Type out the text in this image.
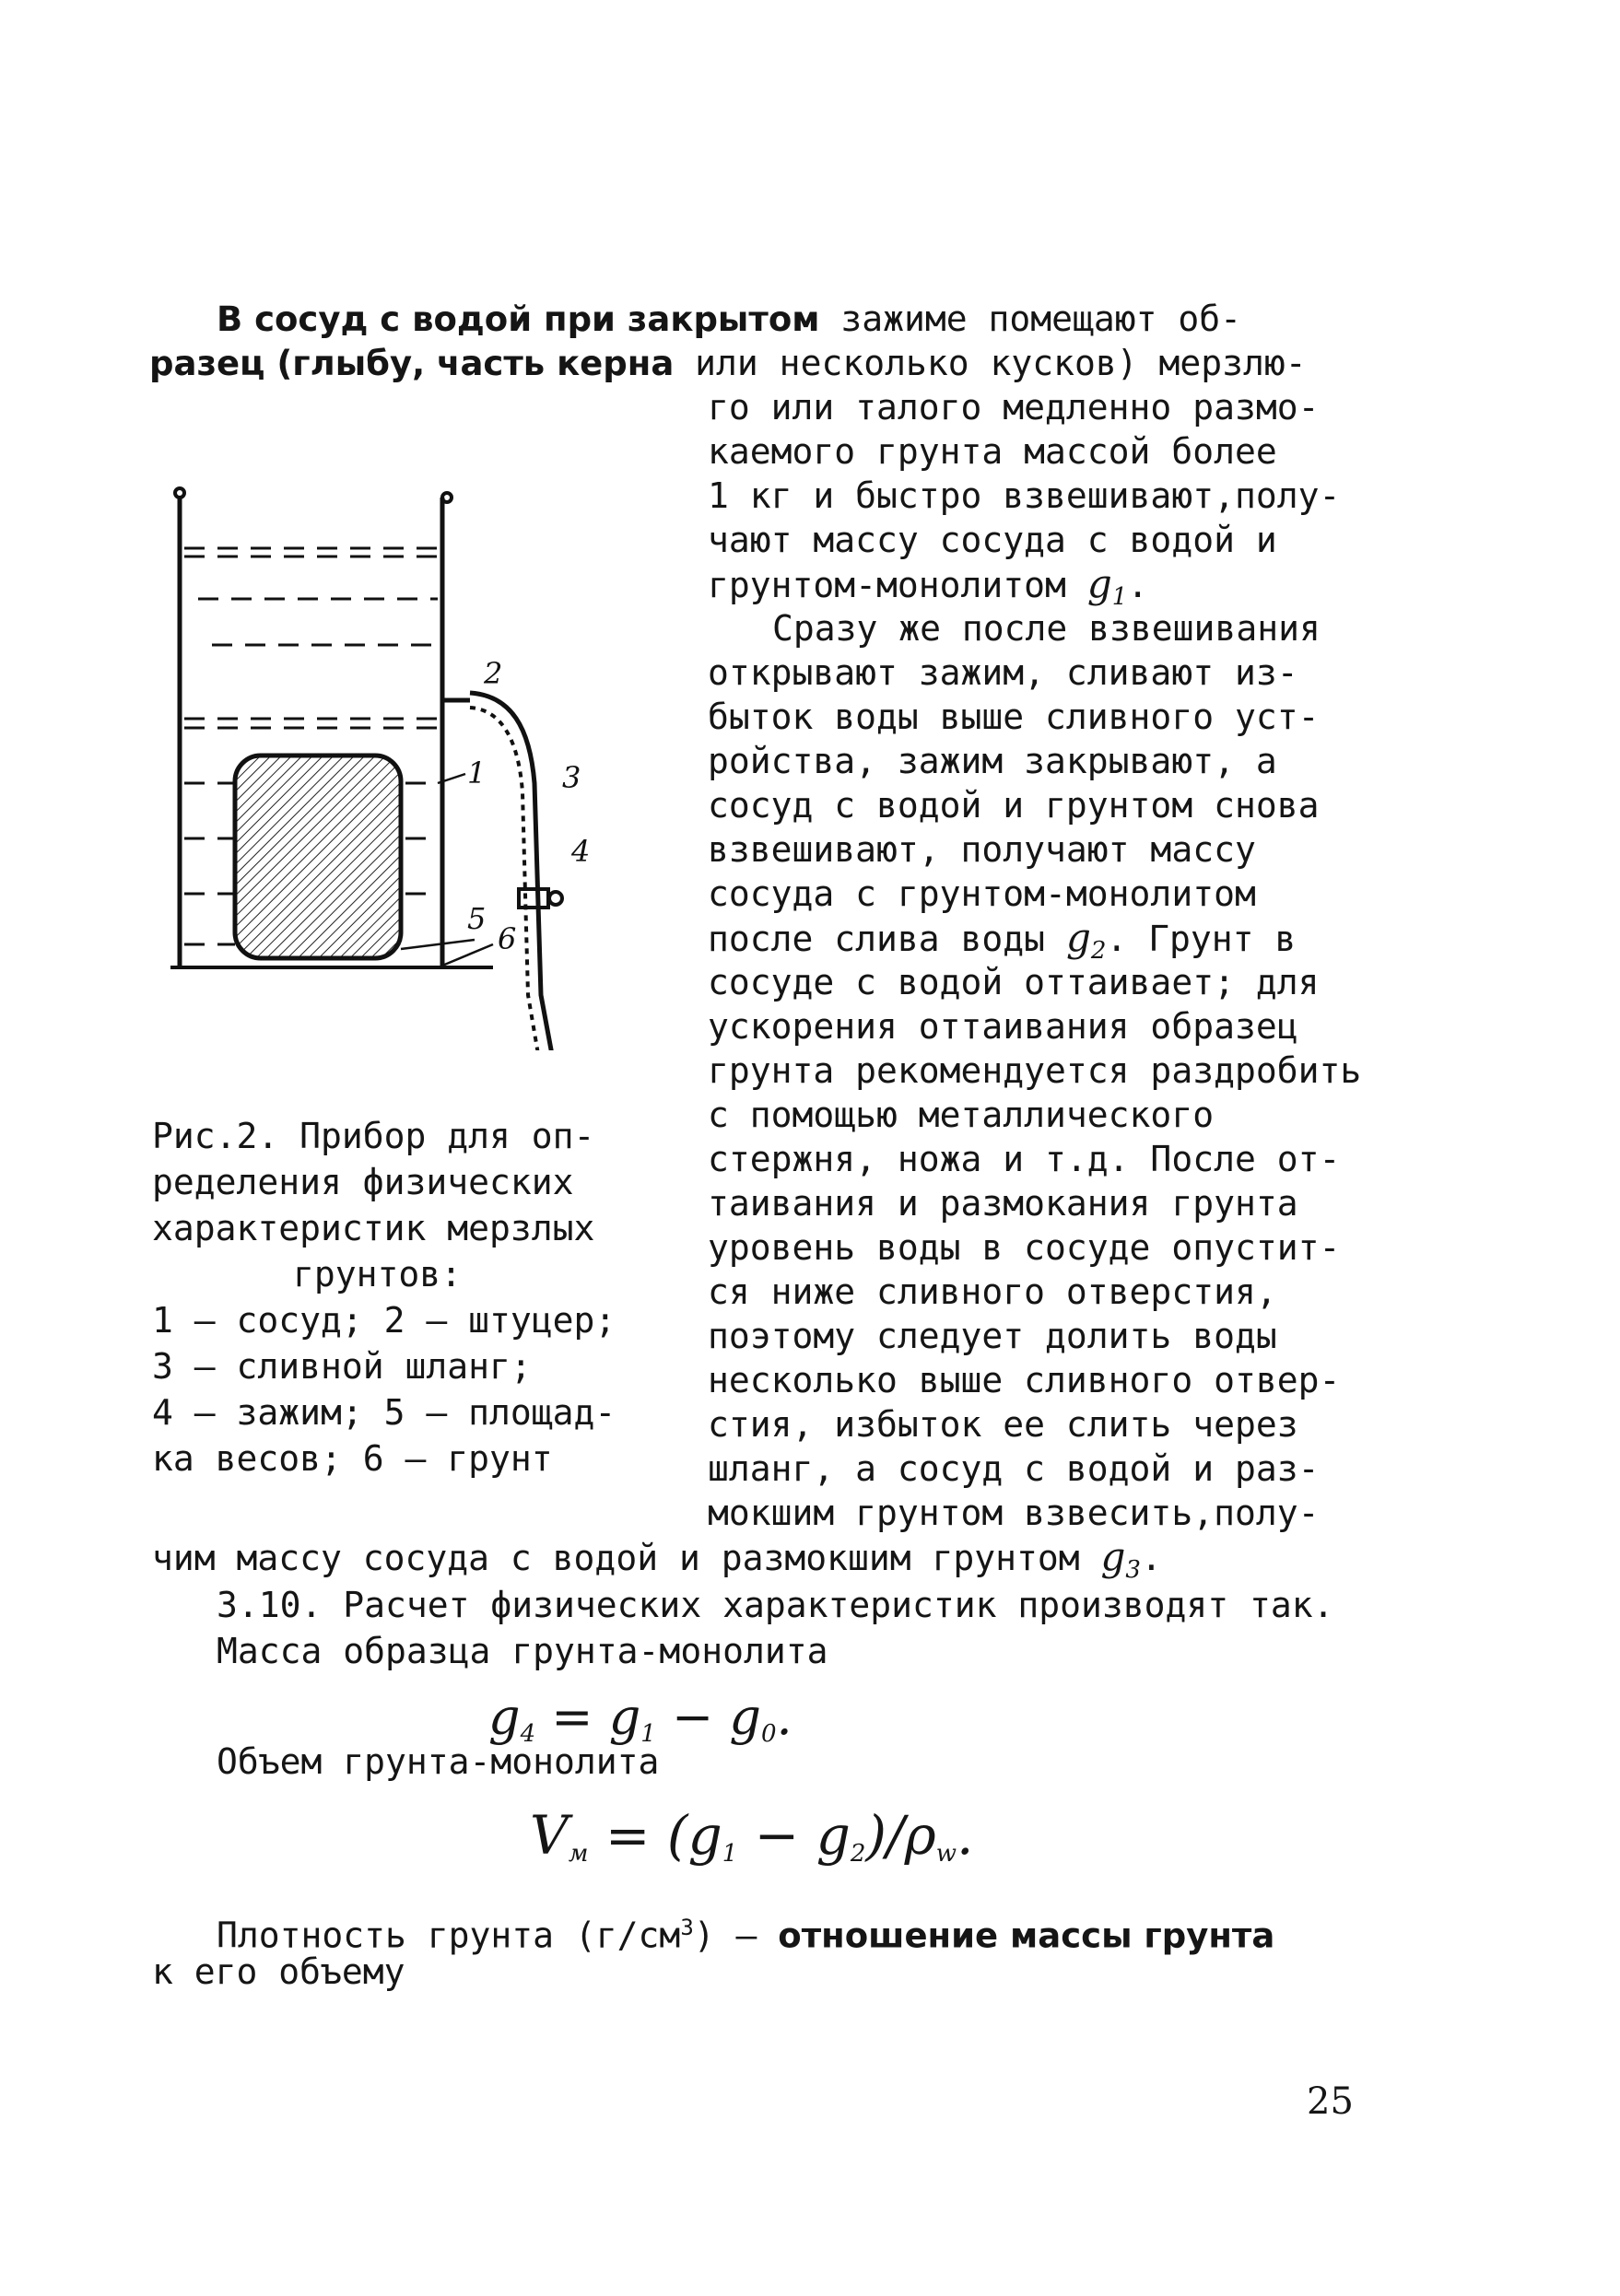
В сосуд с водой при закрытом зажиме помещают об-
разец (глыбу, часть керна или несколько кусков) мерзлю-
го или талого медленно размо-
каемого грунта массой более
1 кг и быстро взвешивают,полу-
чают массу сосуда с водой и
грунтом-монолитом $g_1$.
Сразу же после взвешивания
открывают зажим, сливают из-
быток воды выше сливного уст-
ройства, зажим закрывают, а
сосуд с водой и грунтом снова
взвешивают, получают массу
сосуда с грунтом-монолитом
после слива воды $g_2$. Грунт в
сосуде с водой оттаивает; для
ускорения оттаивания образец
грунта рекомендуется раздробить
с помощью металлического
стержня, ножа и т.д. После от-
таивания и размокания грунта
уровень воды в сосуде опустит-
ся ниже сливного отверстия,
поэтому следует долить воды
несколько выше сливного отвер-
стия, избыток ее слить через
шланг, а сосуд с водой и раз-
мокшим грунтом взвесить,полу-
чим массу сосуда с водой и размокшим грунтом $g_3$.
1
2
3
4
5
6
Рис.2. Прибор для оп-
ределения физических
характеристик мерзлых
грунтов:
1 – сосуд; 2 – штуцер;
3 – сливной шланг;
4 – зажим; 5 – площад-
ка весов; 6 – грунт
3.10. Расчет физических характеристик производят так.
Масса образца грунта-монолита
$g_4 = g_1 - g_0$.
Объем грунта-монолита
$V_м = (g_1 - g_2)/\rho_w$.
Плотность грунта $(г/см^3)$ – отношение массы грунта
к его объему
25
